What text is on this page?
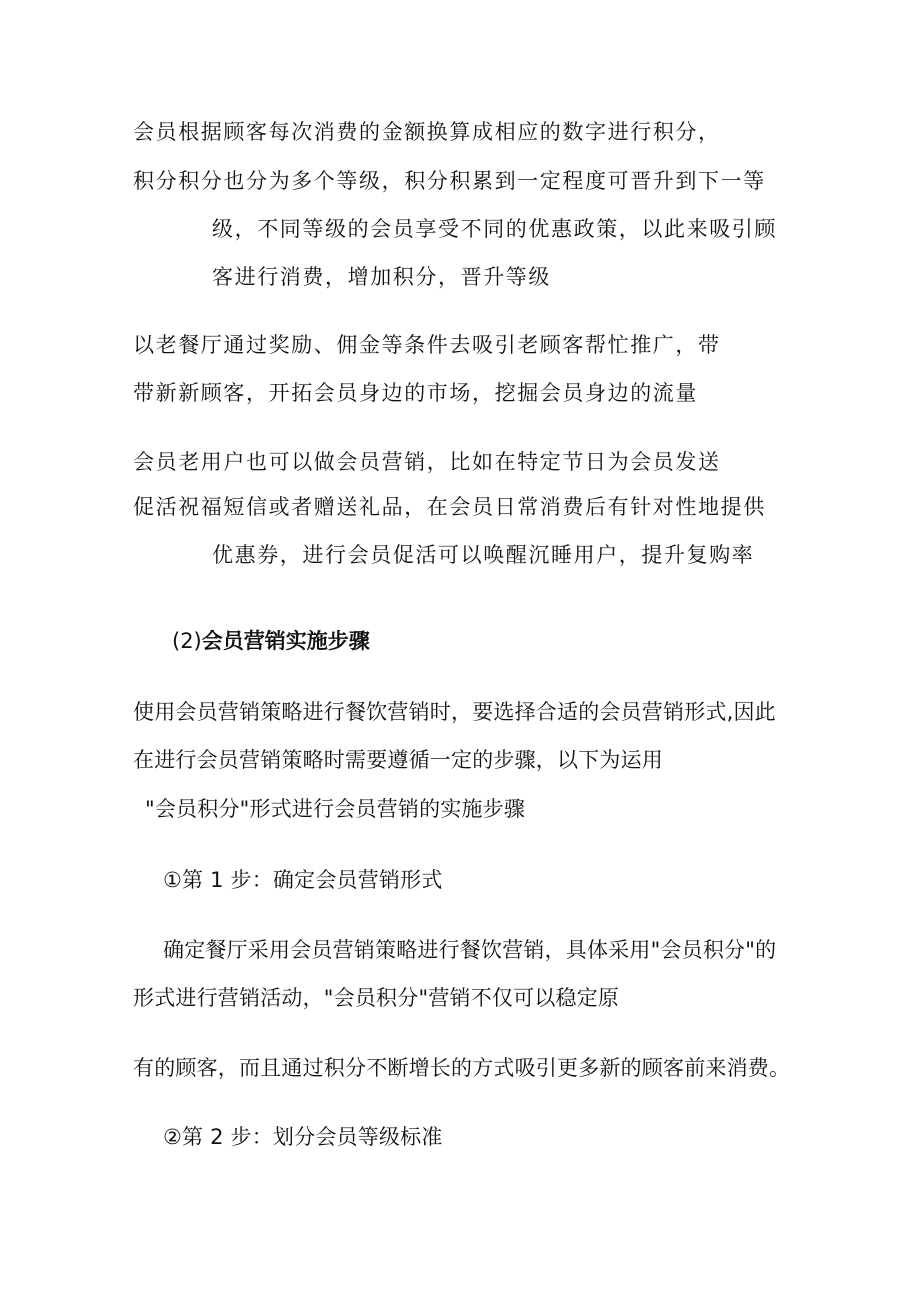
会员根据顾客每次消费的金额换算成相应的数字进行积分，
积分积分也分为多个等级，积分积累到一定程度可晋升到下一等
级，不同等级的会员享受不同的优惠政策，以此来吸引顾
客进行消费，增加积分，晋升等级
以老餐厅通过奖励、佣金等条件去吸引老顾客帮忙推广，带
带新新顾客，开拓会员身边的市场，挖掘会员身边的流量
会员老用户也可以做会员营销，比如在特定节日为会员发送
促活祝福短信或者赠送礼品，在会员日常消费后有针对性地提供
优惠券，进行会员促活可以唤醒沉睡用户，提升复购率
(2)会员营销实施步骤
使用会员营销策略进行餐饮营销时，要选择合适的会员营销形式,因此
在进行会员营销策略时需要遵循一定的步骤，以下为运用
"会员积分"形式进行会员营销的实施步骤
①第 1 步：确定会员营销形式
确定餐厅采用会员营销策略进行餐饮营销，具体采用"会员积分"的
形式进行营销活动，"会员积分"营销不仅可以稳定原
有的顾客，而且通过积分不断增长的方式吸引更多新的顾客前来消费。
②第 2 步：划分会员等级标准
